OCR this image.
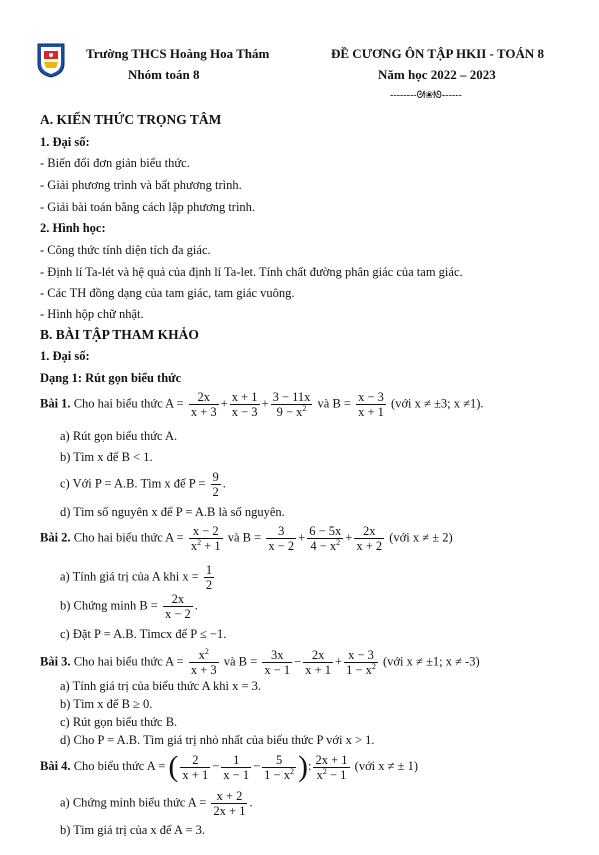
Trường THCS Hoàng Hoa Thám
Nhóm toán 8
ĐỀ CƯƠNG ÔN TẬP HKII - TOÁN 8
Năm học 2022 – 2023
--------ᘛ❀ᘚ------
A. KIẾN THỨC TRỌNG TÂM
1. Đại số:
- Biến đổi đơn giản biểu thức.
- Giải phương trình và bất phương trình.
- Giải bài toán bằng cách lập phương trình.
2. Hình học:
- Công thức tính diện tích đa giác.
- Định lí Ta-lét và hệ quả của định lí Ta-let. Tính chất đường phân giác của tam giác.
- Các TH đồng dạng của tam giác, tam giác vuông.
- Hình hộp chữ nhật.
B. BÀI TẬP THAM KHẢO
1. Đại số:
Dạng 1: Rút gọn biểu thức
Bài 1. Cho hai biểu thức $A = \frac{2x}{x + 3} + \frac{x + 1}{x - 3} + \frac{3 - 11x}{9 - x^2}$ và $B = \frac{x - 3}{x + 1}$ (với x ≠ ±3; x ≠1).
a) Rút gọn biểu thức A.
b) Tìm x để B < 1.
c) Với P = A.B. Tìm x để $P = \frac{9}{2}$ .
d) Tìm số nguyên x để P = A.B là số nguyên.
Bài 2. Cho hai biểu thức $A = \frac{x - 2}{x^2 + 1}$ và $B = \frac{3}{x - 2} + \frac{6 - 5x}{4 - x^2} + \frac{2x}{x + 2}$ (với x ≠ ± 2)
a) Tính giá trị của A khi $x = \frac{1}{2}$
b) Chứng minh $B = \frac{2x}{x - 2}$ .
c) Đặt P = A.B. Tìmcx để P ≤ −1.
Bài 3. Cho hai biểu thức $A = \frac{x^2}{x + 3}$ và $B = \frac{3x}{x - 1} - \frac{2x}{x + 1} + \frac{x - 3}{1 - x^2}$ (với x ≠ ±1; x ≠ -3)
a) Tính giá trị của biểu thức A khi x = 3.
b) Tìm x để B ≥ 0.
c) Rút gọn biểu thức B.
d) Cho P = A.B. Tìm giá trị nhỏ nhất của biểu thức P với x > 1.
Bài 4. Cho biểu thức A = ( $\frac{2}{x + 1} - \frac{1}{x - 1} - \frac{5}{1 - x^2}$ ): $\frac{2x + 1}{x^2 - 1}$ (với x ≠ ± 1)
a) Chứng minh biểu thức $A = \frac{x + 2}{2x + 1}$ .
b) Tìm giá trị của x để A = 3.
